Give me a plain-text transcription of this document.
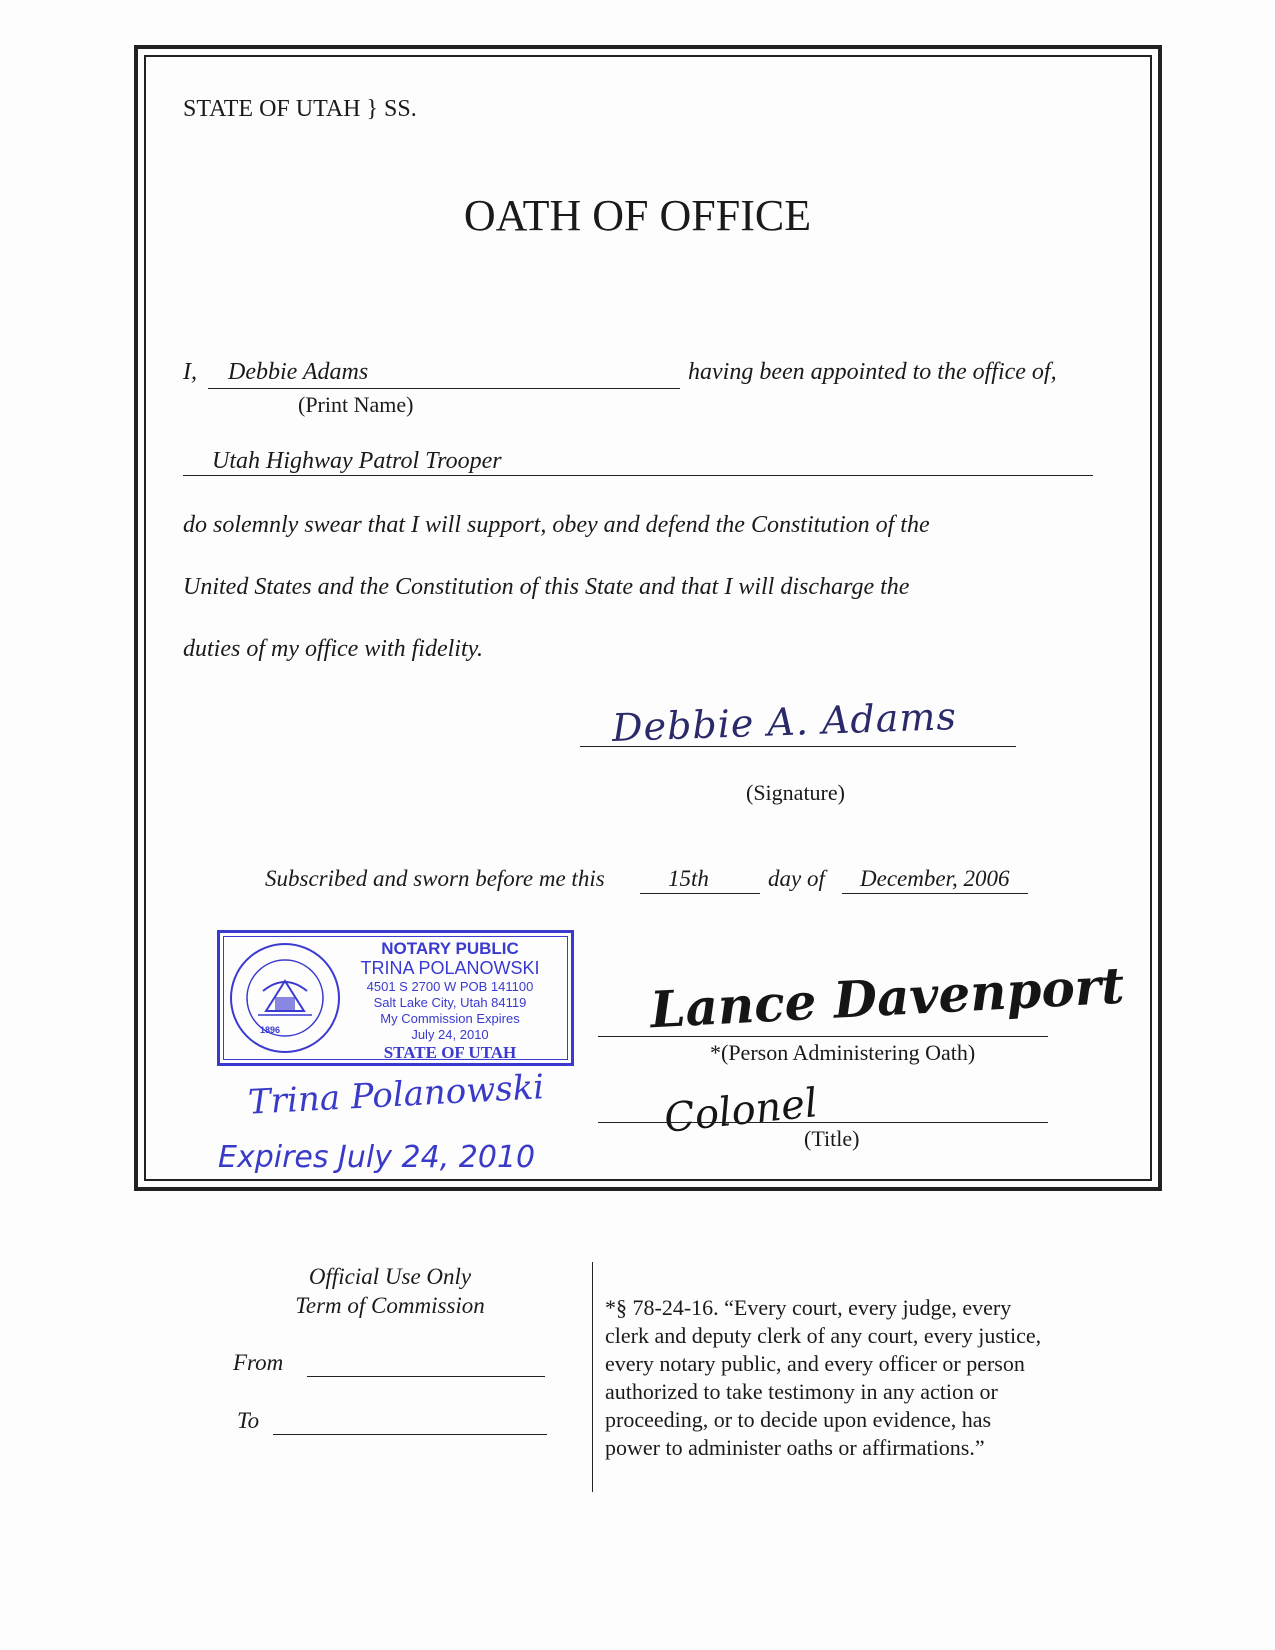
STATE OF UTAH } SS.
OATH OF OFFICE
I, Debbie Adams	having been appointed to the office of,
(Print Name)
Utah Highway Patrol Trooper
do solemnly swear that I will support, obey and defend the Constitution of the
United States and the Constitution of this State and that I will discharge the
duties of my office with fidelity.
Debbie A. Adams
(Signature)
Subscribed and sworn before me this	15th	day of December, 2006
1896
NOTARY PUBLIC
TRINA POLANOWSKI
4501 S 2700 W POB 141100
Salt Lake City, Utah 84119
My Commission Expires
July 24, 2010
STATE OF UTAH
Trina Polanowski
Expires July 24, 2010
Lance Davenport
*(Person Administering Oath)
Colonel
(Title)
Official Use Only
Term of Commission
From
To
*§ 78-24-16. “Every court, every judge, every
clerk and deputy clerk of any court, every justice,
every notary public, and every officer or person
authorized to take testimony in any action or
proceeding, or to decide upon evidence, has
power to administer oaths or affirmations.”
